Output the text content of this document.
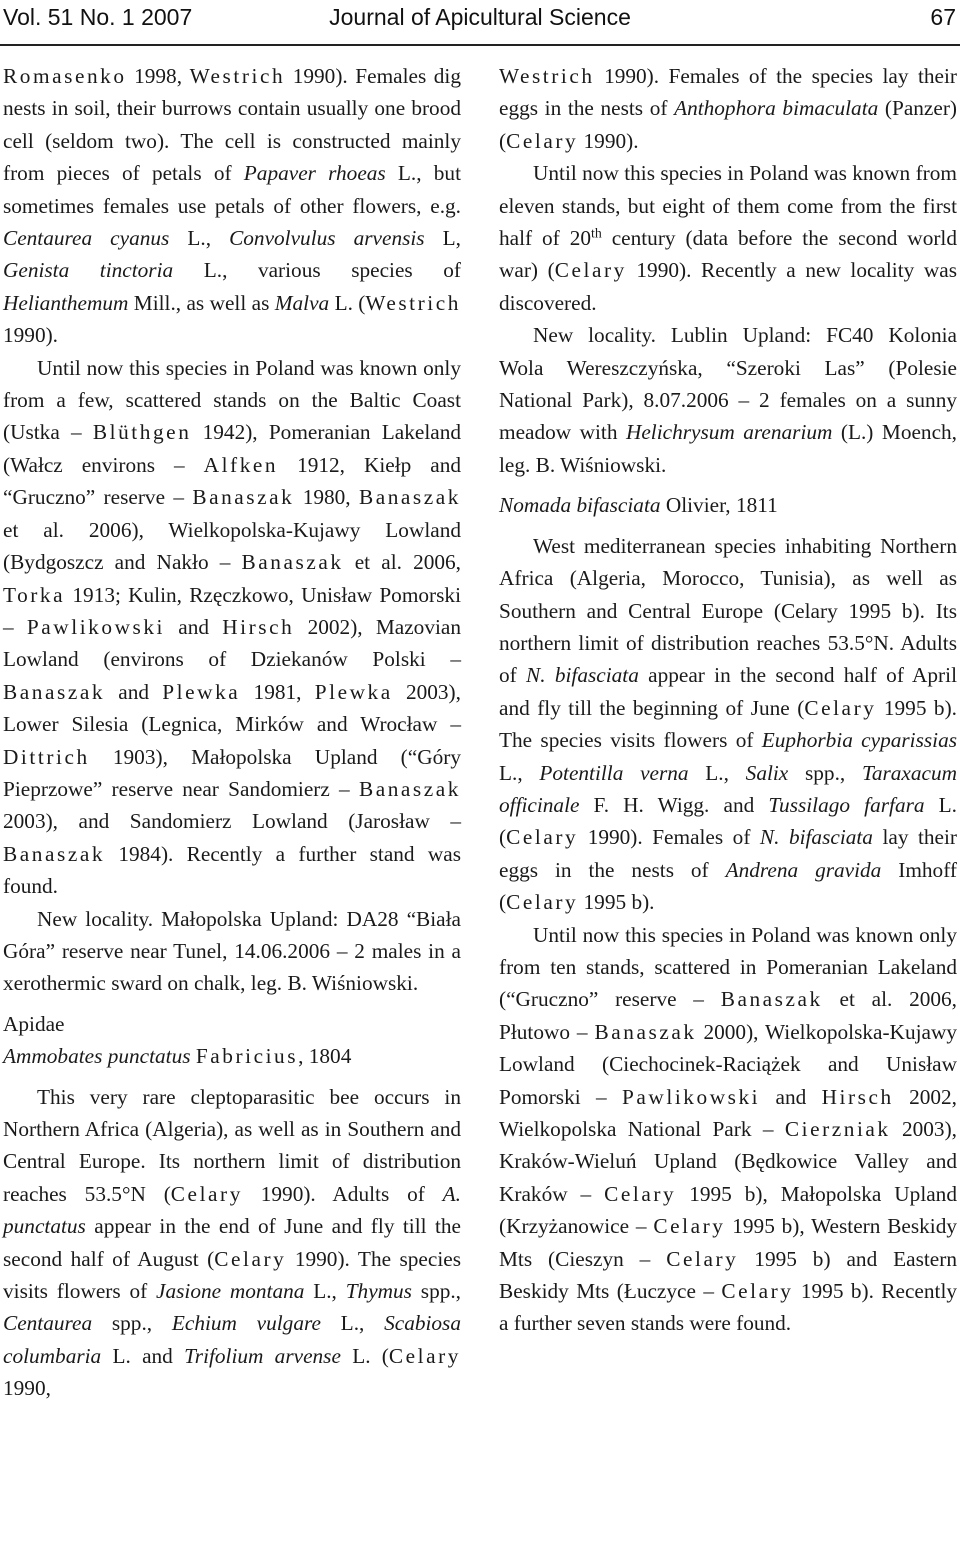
Vol. 51 No. 1 2007	Journal of Apicultural Science	67

Romasenko 1998, Westrich 1990). Females dig nests in soil, their burrows contain usually one brood cell (seldom two). The cell is constructed mainly from pieces of petals of Papaver rhoeas L., but sometimes females use petals of other flowers, e.g. Centaurea cyanus L., Convolvulus arvensis L, Genista tinctoria L., various species of Helianthemum Mill., as well as Malva L. (Westrich 1990).

Until now this species in Poland was known only from a few, scattered stands on the Baltic Coast (Ustka – Blüthgen 1942), Pomeranian Lakeland (Wałcz environs – Alfken 1912, Kiełp and “Gruczno” reserve – Banaszak 1980, Banaszak et al. 2006), Wielkopolska-Kujawy Lowland (Bydgoszcz and Nakło – Banaszak et al. 2006, Torka 1913; Kulin, Rzęczkowo, Unisław Pomorski – Pawlikowski and Hirsch 2002), Mazovian Lowland (environs of Dziekanów Polski – Banaszak and Plewka 1981, Plewka 2003), Lower Silesia (Legnica, Mirków and Wrocław – Dittrich 1903), Małopolska Upland (“Góry Pieprzowe” reserve near Sandomierz – Banaszak 2003), and Sandomierz Lowland (Jarosław – Banaszak 1984). Recently a further stand was found.

New locality. Małopolska Upland: DA28 “Biała Góra” reserve near Tunel, 14.06.2006 – 2 males in a xerothermic sward on chalk, leg. B. Wiśniowski.

Apidae

Ammobates punctatus Fabricius, 1804

This very rare cleptoparasitic bee occurs in Northern Africa (Algeria), as well as in Southern and Central Europe. Its northern limit of distribution reaches 53.5°N (Celary 1990). Adults of A. punctatus appear in the end of June and fly till the second half of August (Celary 1990). The species visits flowers of Jasione montana L., Thymus spp., Centaurea spp., Echium vulgare L., Scabiosa columbaria L. and Trifolium arvense L. (Celary 1990,

Westrich 1990). Females of the species lay their eggs in the nests of Anthophora bimaculata (Panzer) (Celary 1990).

Until now this species in Poland was known from eleven stands, but eight of them come from the first half of 20th century (data before the second world war) (Celary 1990). Recently a new locality was discovered.

New locality. Lublin Upland: FC40 Kolonia Wola Wereszczyńska, “Szeroki Las” (Polesie National Park), 8.07.2006 – 2 females on a sunny meadow with Helichrysum arenarium (L.) Moench, leg. B. Wiśniowski.

Nomada bifasciata Olivier, 1811

West mediterranean species inhabiting Northern Africa (Algeria, Morocco, Tunisia), as well as Southern and Central Europe (Celary 1995 b). Its northern limit of distribution reaches 53.5°N. Adults of N. bifasciata appear in the second half of April and fly till the beginning of June (Celary 1995 b). The species visits flowers of Euphorbia cyparissias L., Potentilla verna L., Salix spp., Taraxacum officinale F. H. Wigg. and Tussilago farfara L. (Celary 1990). Females of N. bifasciata lay their eggs in the nests of Andrena gravida Imhoff (Celary 1995 b).

Until now this species in Poland was known only from ten stands, scattered in Pomeranian Lakeland (“Gruczno” reserve – Banaszak et al. 2006, Płutowo – Banaszak 2000), Wielkopolska-Kujawy Lowland (Ciechocinek-Raciążek and Unisław Pomorski – Pawlikowski and Hirsch 2002, Wielkopolska National Park – Cierzniak 2003), Kraków-Wieluń Upland (Będkowice Valley and Kraków – Celary 1995 b), Małopolska Upland (Krzyżanowice – Celary 1995 b), Western Beskidy Mts (Cieszyn – Celary 1995 b) and Eastern Beskidy Mts (Łuczyce – Celary 1995 b). Recently a further seven stands were found.
